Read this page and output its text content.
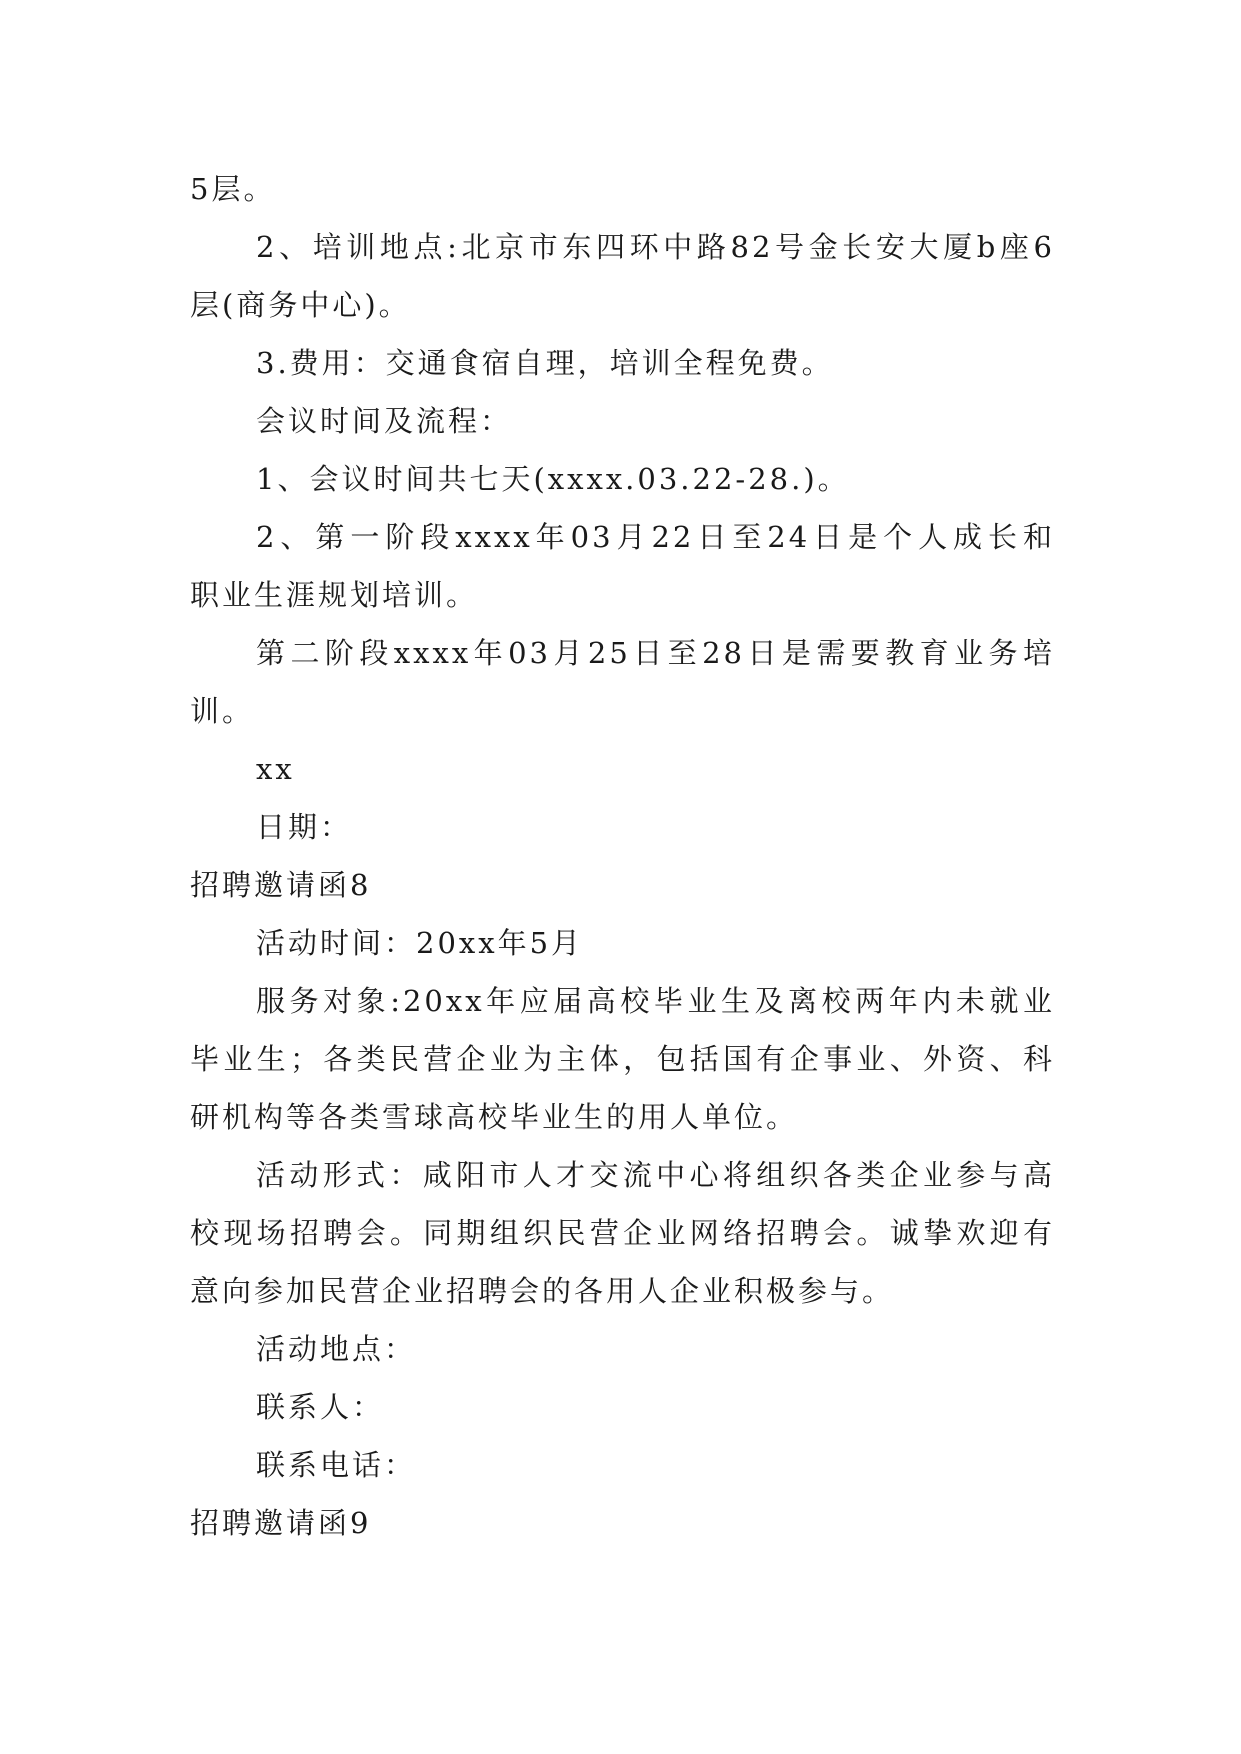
5层。
2、培训地点:北京市东四环中路82号金长安大厦b座6
层(商务中心)。
3.费用：交通食宿自理，培训全程免费。
会议时间及流程：
1、会议时间共七天(xxxx.03.22-28.)。
2、第一阶段xxxx年03月22日至24日是个人成长和
职业生涯规划培训。
第二阶段xxxx年03月25日至28日是需要教育业务培
训。
xx
日期：
招聘邀请函8
活动时间：20xx年5月
服务对象:20xx年应届高校毕业生及离校两年内未就业
毕业生；各类民营企业为主体，包括国有企事业、外资、科
研机构等各类雪球高校毕业生的用人单位。
活动形式：咸阳市人才交流中心将组织各类企业参与高
校现场招聘会。同期组织民营企业网络招聘会。诚挚欢迎有
意向参加民营企业招聘会的各用人企业积极参与。
活动地点：
联系人：
联系电话：
招聘邀请函9
